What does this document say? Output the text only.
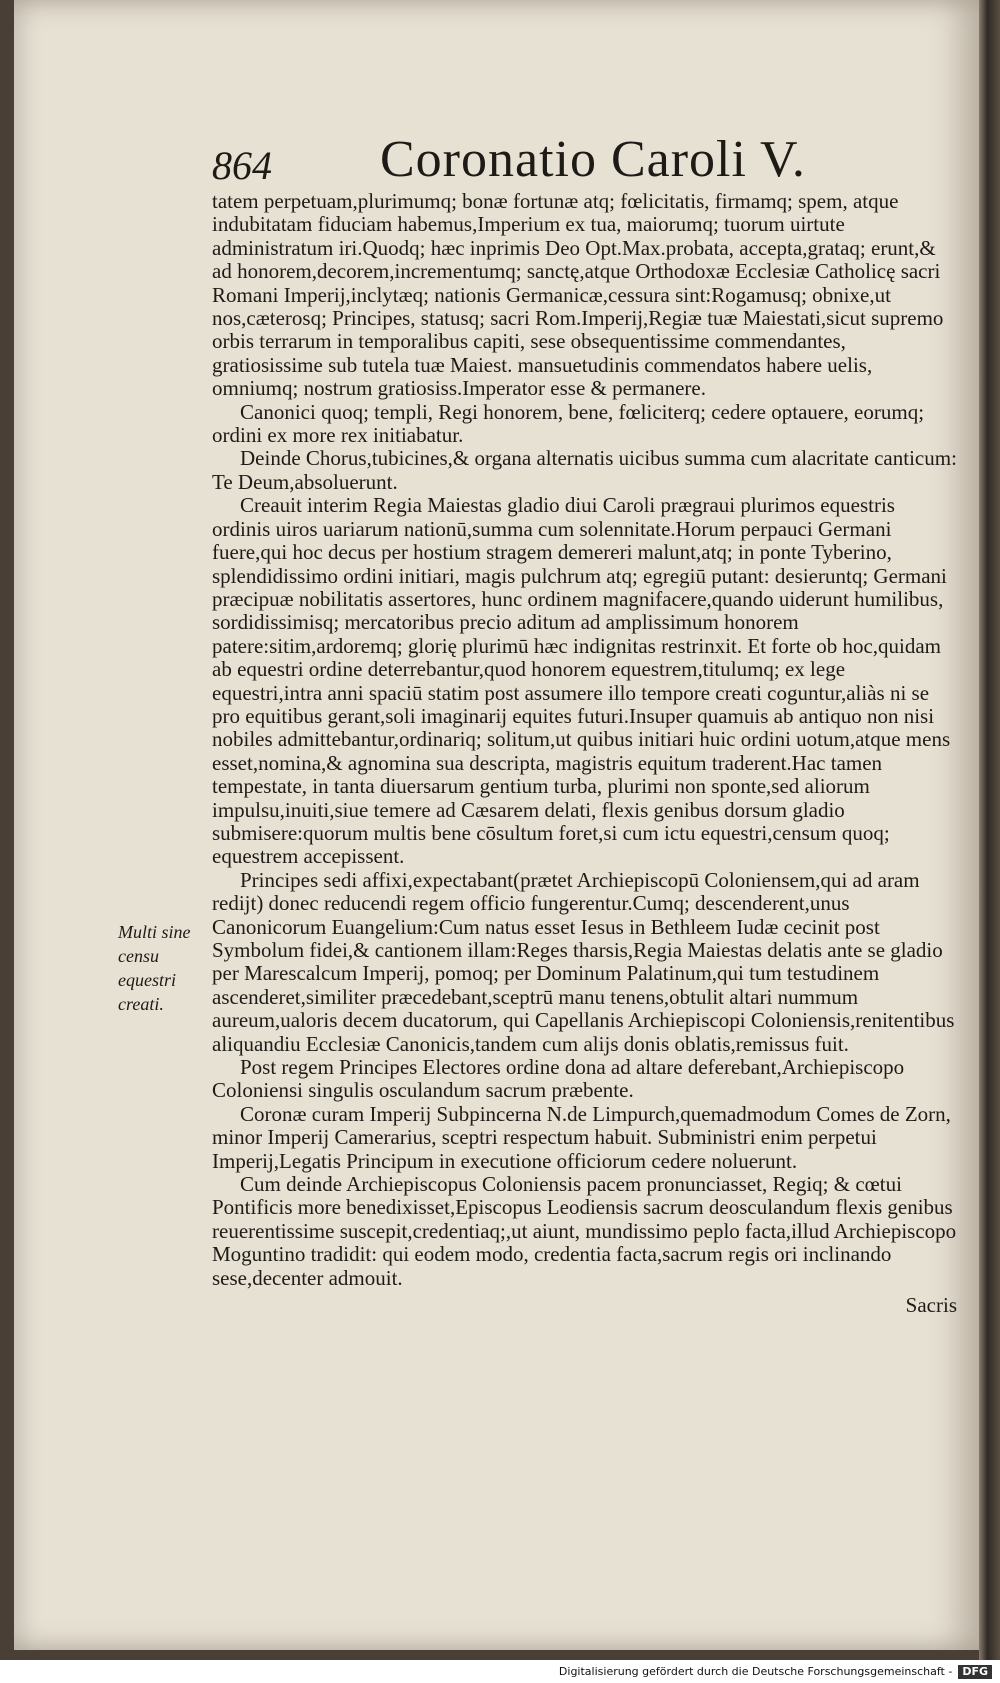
864 Coronatio Caroli V.

tatem perpetuam,plurimumq; bonæ fortunæ atq; fœlicitatis, firmamq; spem, atque indubitatam fiduciam habemus,Imperium ex tua, maiorumq; tuorum uirtute administratum iri.Quodq; hæc inprimis Deo Opt.Max.probata, accepta,grataq; erunt,& ad honorem,decorem,incrementumq; sanctę,atque Orthodoxæ Ecclesiæ Catholicę sacri Romani Imperij,inclytæq; nationis Germanicæ,cessura sint:Rogamusq; obnixe,ut nos,cæterosq; Principes, statusq; sacri Rom.Imperij,Regiæ tuæ Maiestati,sicut supremo orbis terrarum in temporalibus capiti, sese obsequentissime commendantes, gratiosissime sub tutela tuæ Maiest. mansuetudinis commendatos habere uelis, omniumq; nostrum gratiosiss.Imperator esse & permanere.

Canonici quoq; templi, Regi honorem, bene, fœliciterq; cedere optauere, eorumq; ordini ex more rex initiabatur.

Deinde Chorus,tubicines,& organa alternatis uicibus summa cum alacritate canticum: Te Deum,absoluerunt.

Creauit interim Regia Maiestas gladio diui Caroli prægraui plurimos equestris ordinis uiros uariarum nationū,summa cum solennitate.Horum perpauci Germani fuere,qui hoc decus per hostium stragem demereri malunt,atq; in ponte Tyberino, splendidissimo ordini initiari, magis pulchrum atq; egregiū putant: desieruntq; Germani præcipuæ nobilitatis assertores, hunc ordinem magnifacere,quando uiderunt humilibus, sordidissimisq; mercatoribus precio aditum ad amplissimum honorem patere:sitim,ardoremq; glorię plurimū hæc indignitas restrinxit. Et forte ob hoc,quidam ab equestri ordine deterrebantur,quod honorem equestrem,titulumq; ex lege equestri,intra anni spaciū statim post assumere illo tempore creati coguntur,aliàs ni se pro equitibus gerant,soli imaginarij equites futuri.Insuper quamuis ab antiquo non nisi nobiles admittebantur,ordinariq; solitum,ut quibus initiari huic ordini uotum,atque mens esset,nomina,& agnomina sua descripta, magistris equitum traderent.Hac tamen tempestate, in tanta diuersarum gentium turba, plurimi non sponte,sed aliorum impulsu,inuiti,siue temere ad Cæsarem delati, flexis genibus dorsum gladio submisere:quorum multis bene cōsultum foret,si cum ictu equestri,censum quoq; equestrem accepissent.

Principes sedi affixi,expectabant(prætet Archiepiscopū Coloniensem,qui ad aram redijt) donec reducendi regem officio fungerentur.Cumq; descenderent,unus Canonicorum Euangelium:Cum natus esset Iesus in Bethleem Iudæ cecinit post Symbolum fidei,& cantionem illam:Reges tharsis,Regia Maiestas delatis ante se gladio per Marescalcum Imperij, pomoq; per Dominum Palatinum,qui tum testudinem ascenderet,similiter præcedebant,sceptrū manu tenens,obtulit altari nummum aureum,ualoris decem ducatorum, qui Capellanis Archiepiscopi Coloniensis,renitentibus aliquandiu Ecclesiæ Canonicis,tandem cum alijs donis oblatis,remissus fuit.

Post regem Principes Electores ordine dona ad altare deferebant,Archiepiscopo Coloniensi singulis osculandum sacrum præbente.

Coronæ curam Imperij Subpincerna N.de Limpurch,quemadmodum Comes de Zorn, minor Imperij Camerarius, sceptri respectum habuit. Subministri enim perpetui Imperij,Legatis Principum in executione officiorum cedere noluerunt.

Cum deinde Archiepiscopus Coloniensis pacem pronunciasset, Regiq; & cœtui Pontificis more benedixisset,Episcopus Leodiensis sacrum deosculandum flexis genibus reuerentissime suscepit,credentiaq;,ut aiunt, mundissimo peplo facta,illud Archiepiscopo Moguntino tradidit: qui eodem modo, credentia facta,sacrum regis ori inclinando sese,decenter admouit.

Sacris

Multi sine censu equestri creati.
Digitalisierung gefördert durch die Deutsche Forschungsgemeinschaft - DFG
